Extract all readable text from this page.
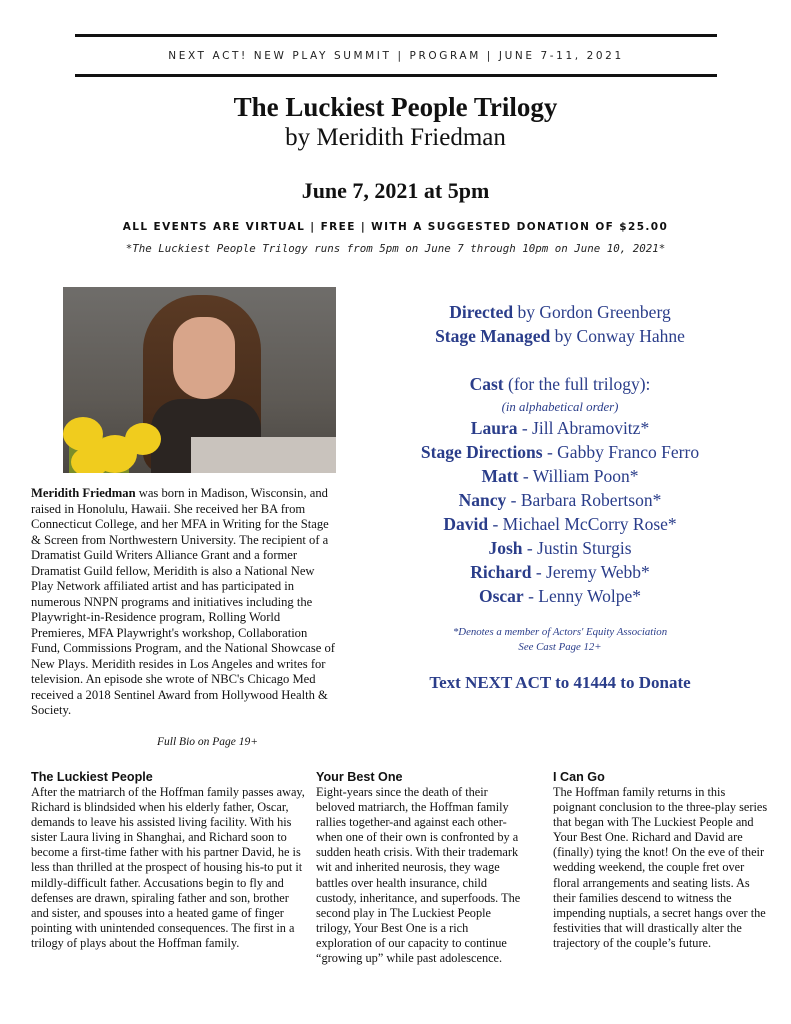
NEXT ACT! NEW PLAY SUMMIT | PROGRAM | JUNE 7-11, 2021
The Luckiest People Trilogy
by Meridith Friedman
June 7, 2021 at 5pm
ALL EVENTS ARE VIRTUAL | FREE | WITH A SUGGESTED DONATION OF $25.00
*The Luckiest People Trilogy runs from 5pm on June 7 through 10pm on June 10, 2021*
Meridith Friedman was born in Madison, Wisconsin, and raised in Honolulu, Hawaii. She received her BA from Connecticut College, and her MFA in Writing for the Stage & Screen from Northwestern University. The recipient of a Dramatist Guild Writers Alliance Grant and a former Dramatist Guild fellow, Meridith is also a National New Play Network affiliated artist and has participated in numerous NNPN programs and initiatives including the Playwright-in-Residence program, Rolling World Premieres, MFA Playwright's workshop, Collaboration Fund, Commissions Program, and the National Showcase of New Plays. Meridith resides in Los Angeles and writes for television. An episode she wrote of NBC's Chicago Med received a 2018 Sentinel Award from Hollywood Health & Society.
Full Bio on Page 19+
Directed by Gordon Greenberg
Stage Managed by Conway Hahne
Cast (for the full trilogy):
(in alphabetical order)
Laura - Jill Abramovitz*
Stage Directions - Gabby Franco Ferro
Matt - William Poon*
Nancy - Barbara Robertson*
David - Michael McCorry Rose*
Josh - Justin Sturgis
Richard - Jeremy Webb*
Oscar - Lenny Wolpe*
*Denotes a member of Actors' Equity Association
See Cast Page 12+
Text NEXT ACT to 41444 to Donate
The Luckiest People

After the matriarch of the Hoffman family passes away, Richard is blindsided when his elderly father, Oscar, demands to leave his assisted living facility. With his sister Laura living in Shanghai, and Richard soon to become a first-time father with his partner David, he is less than thrilled at the prospect of housing his-to put it mildly-difficult father. Accusations begin to fly and defenses are drawn, spiraling father and son, brother and sister, and spouses into a heated game of finger pointing with unintended consequences. The first in a trilogy of plays about the Hoffman family.

Your Best One

Eight-years since the death of their beloved matriarch, the Hoffman family rallies together-and against each other-when one of their own is confronted by a sudden heath crisis. With their trademark wit and inherited neurosis, they wage battles over health insurance, child custody, inheritance, and superfoods. The second play in The Luckiest People trilogy, Your Best One is a rich exploration of our capacity to continue “growing up” while past adolescence.

I Can Go

The Hoffman family returns in this poignant conclusion to the three-play series that began with The Luckiest People and Your Best One. Richard and David are (finally) tying the knot! On the eve of their wedding weekend, the couple fret over floral arrangements and seating lists. As their families descend to witness the impending nuptials, a secret hangs over the festivities that will drastically alter the trajectory of the couple’s future.
